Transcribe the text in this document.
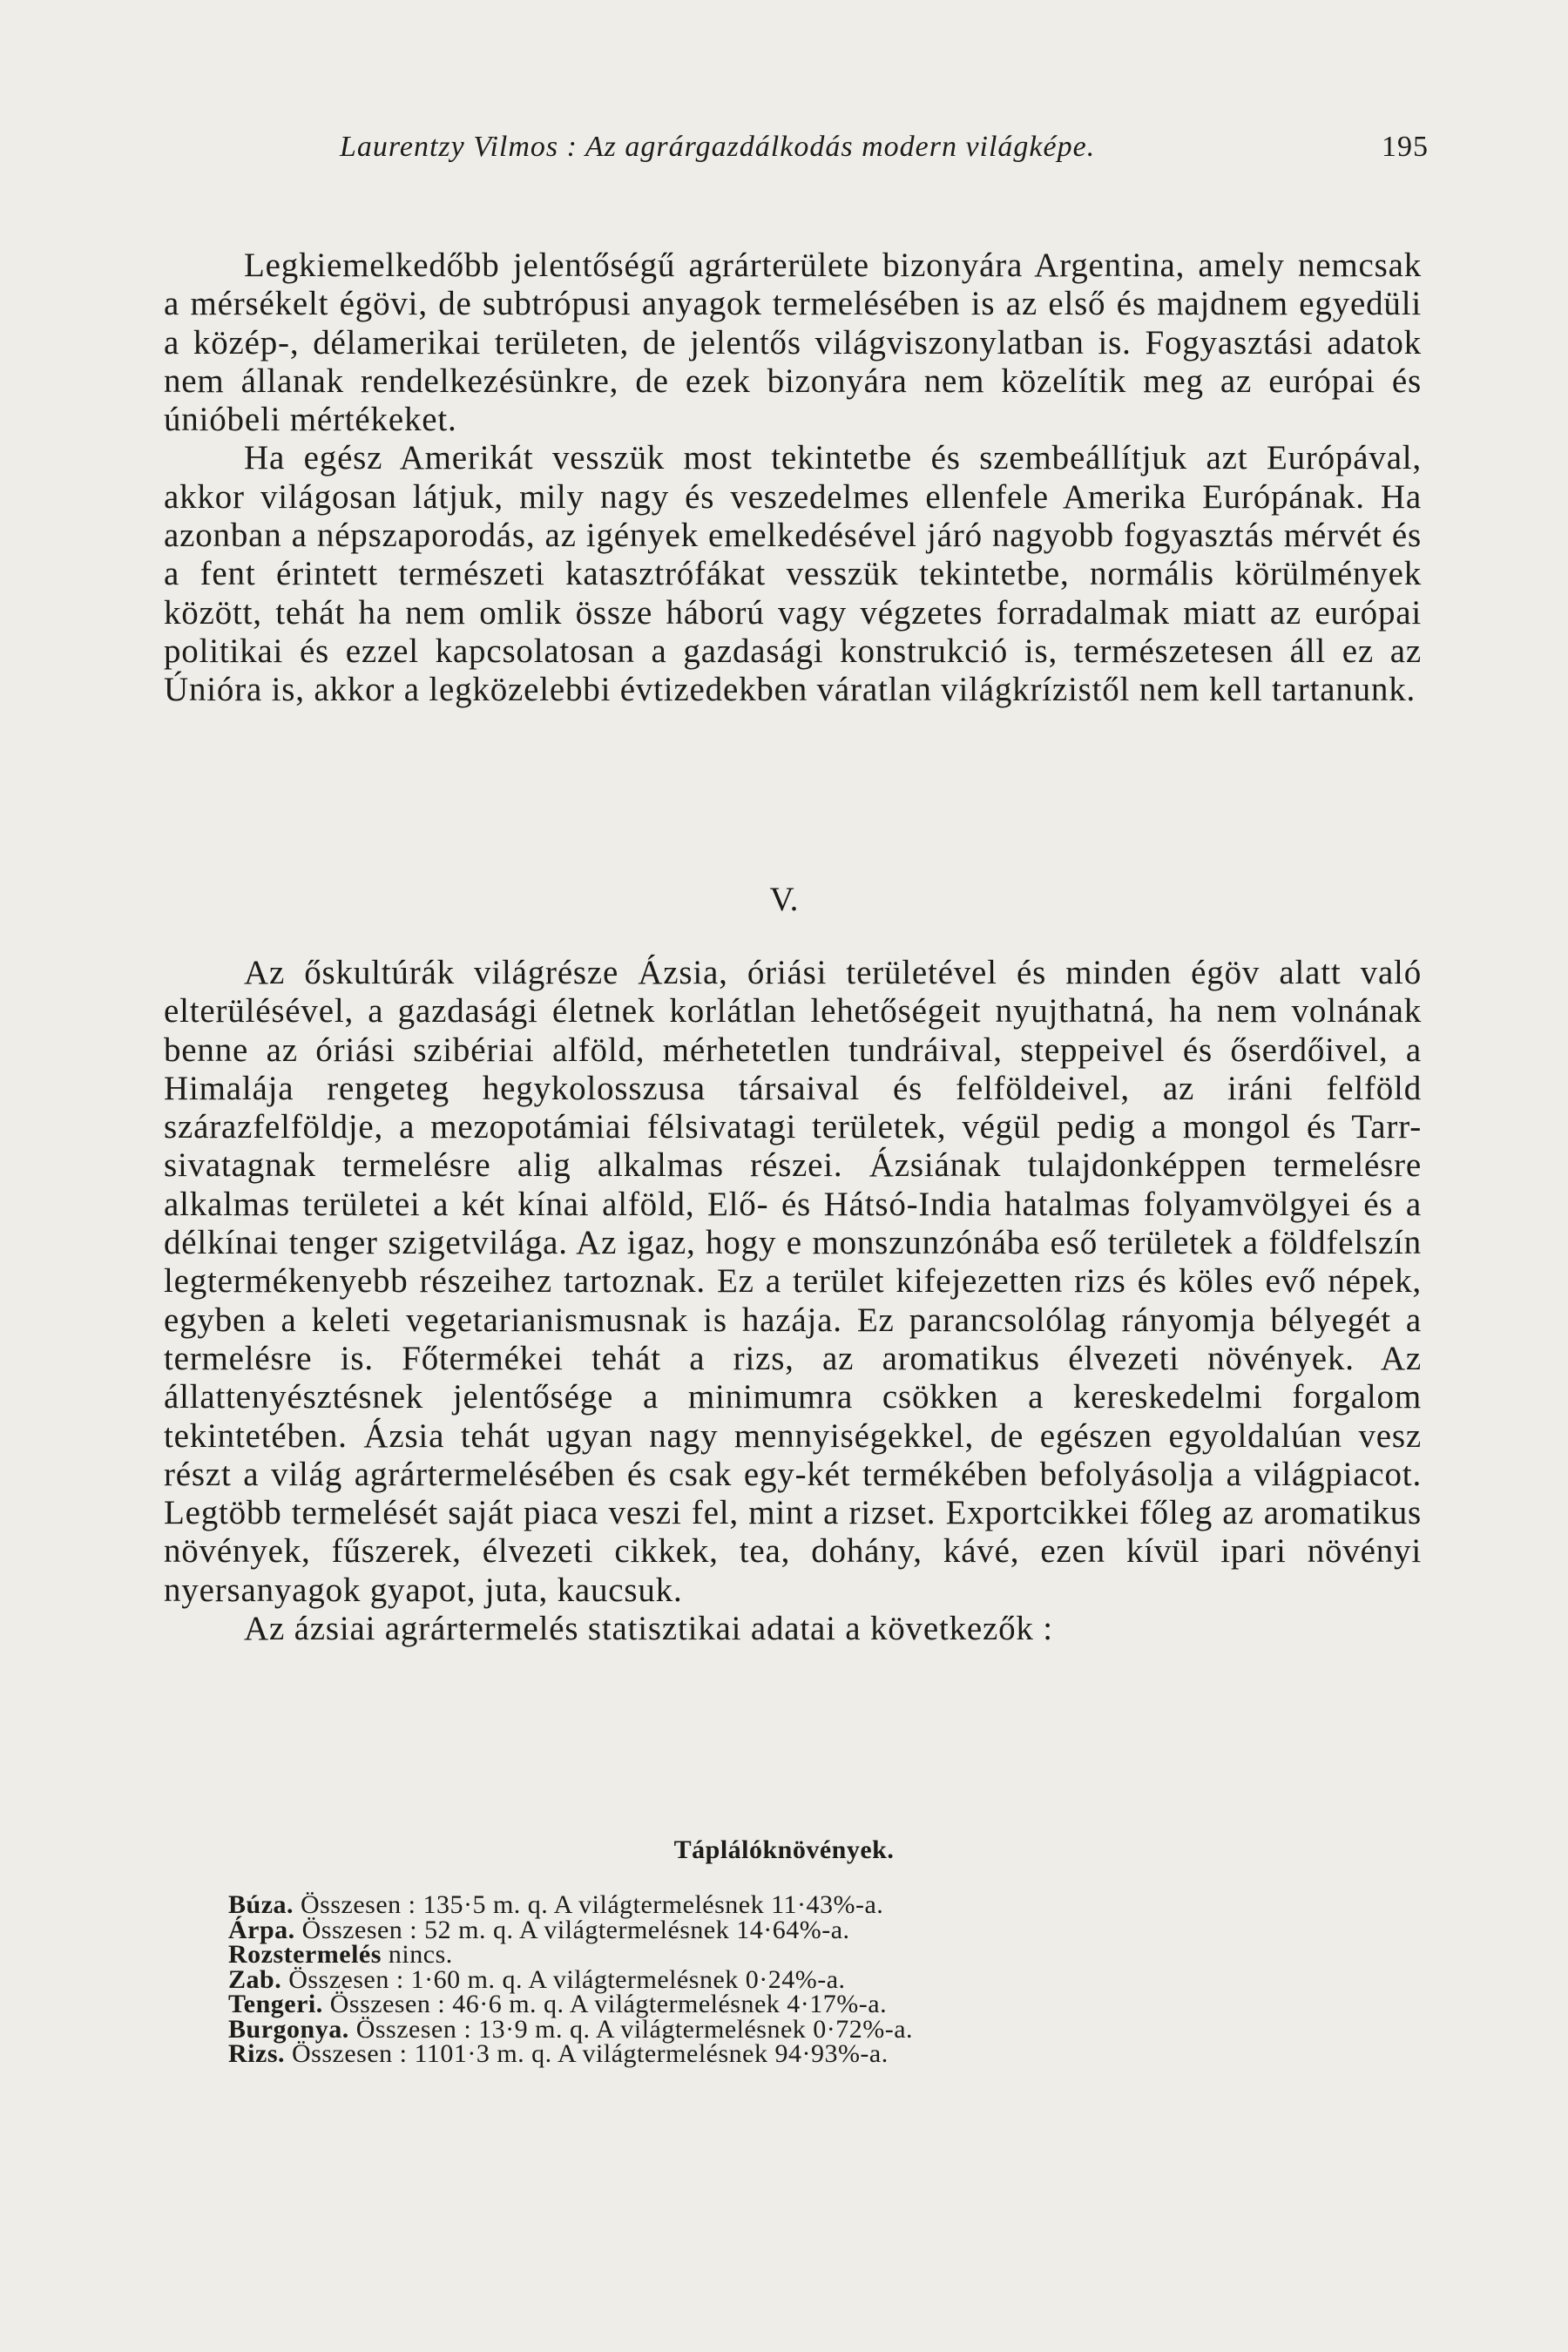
Laurentzy Vilmos : Az agrárgazdálkodás modern világképe.	195

Legkiemelkedőbb jelentőségű agrárterülete bizonyára Argentina, amely nemcsak a mérsékelt égövi, de subtrópusi anyagok termelésében is az első és majdnem egyedüli a közép-, délamerikai területen, de jelentős világviszonylatban is. Fogyasztási adatok nem állanak rendelkezésünkre, de ezek bizonyára nem közelítik meg az európai és únióbeli mértékeket.

Ha egész Amerikát vesszük most tekintetbe és szembeállítjuk azt Európával, akkor világosan látjuk, mily nagy és veszedelmes ellenfele Amerika Európának. Ha azonban a népszaporodás, az igények emelkedésével járó nagyobb fogyasztás mérvét és a fent érintett természeti katasztrófákat vesszük tekintetbe, normális körülmények között, tehát ha nem omlik össze háború vagy végzetes forradalmak miatt az európai politikai és ezzel kapcsolatosan a gazdasági konstrukció is, természetesen áll ez az Únióra is, akkor a legközelebbi évtizedekben váratlan világkrízistől nem kell tartanunk.

V.

Az őskultúrák világrésze Ázsia, óriási területével és minden égöv alatt való elterülésével, a gazdasági életnek korlátlan lehetőségeit nyujthatná, ha nem volnának benne az óriási szibériai alföld, mérhetetlen tundráival, steppeivel és őserdőivel, a Himalája rengeteg hegykolosszusa társaival és felföldeivel, az iráni felföld szárazfelföldje, a mezopotámiai félsivatagi területek, végül pedig a mongol és Tarr-sivatagnak termelésre alig alkalmas részei. Ázsiának tulajdonképpen termelésre alkalmas területei a két kínai alföld, Elő- és Hátsó-India hatalmas folyamvölgyei és a délkínai tenger szigetvilága. Az igaz, hogy e monszunzónába eső területek a földfelszín legtermékenyebb részeihez tartoznak. Ez a terület kifejezetten rizs és köles evő népek, egyben a keleti vegetarianismusnak is hazája. Ez parancsolólag rányomja bélyegét a termelésre is. Főtermékei tehát a rizs, az aromatikus élvezeti növények. Az állattenyésztésnek jelentősége a minimumra csökken a kereskedelmi forgalom tekintetében. Ázsia tehát ugyan nagy mennyiségekkel, de egészen egyoldalúan vesz részt a világ agrártermelésében és csak egy-két termékében befolyásolja a világpiacot. Legtöbb termelését saját piaca veszi fel, mint a rizset. Exportcikkei főleg az aromatikus növények, fűszerek, élvezeti cikkek, tea, dohány, kávé, ezen kívül ipari növényi nyersanyagok gyapot, juta, kaucsuk.

Az ázsiai agrártermelés statisztikai adatai a következők :

Táplálóknövények.
Búza. Összesen : 135·5 m. q. A világtermelésnek 11·43%-a.
Árpa. Összesen : 52 m. q. A világtermelésnek 14·64%-a.
Rozstermelés nincs.
Zab. Összesen : 1·60 m. q. A világtermelésnek 0·24%-a.
Tengeri. Összesen : 46·6 m. q. A világtermelésnek 4·17%-a.
Burgonya. Összesen : 13·9 m. q. A világtermelésnek 0·72%-a.
Rizs. Összesen : 1101·3 m. q. A világtermelésnek 94·93%-a.
